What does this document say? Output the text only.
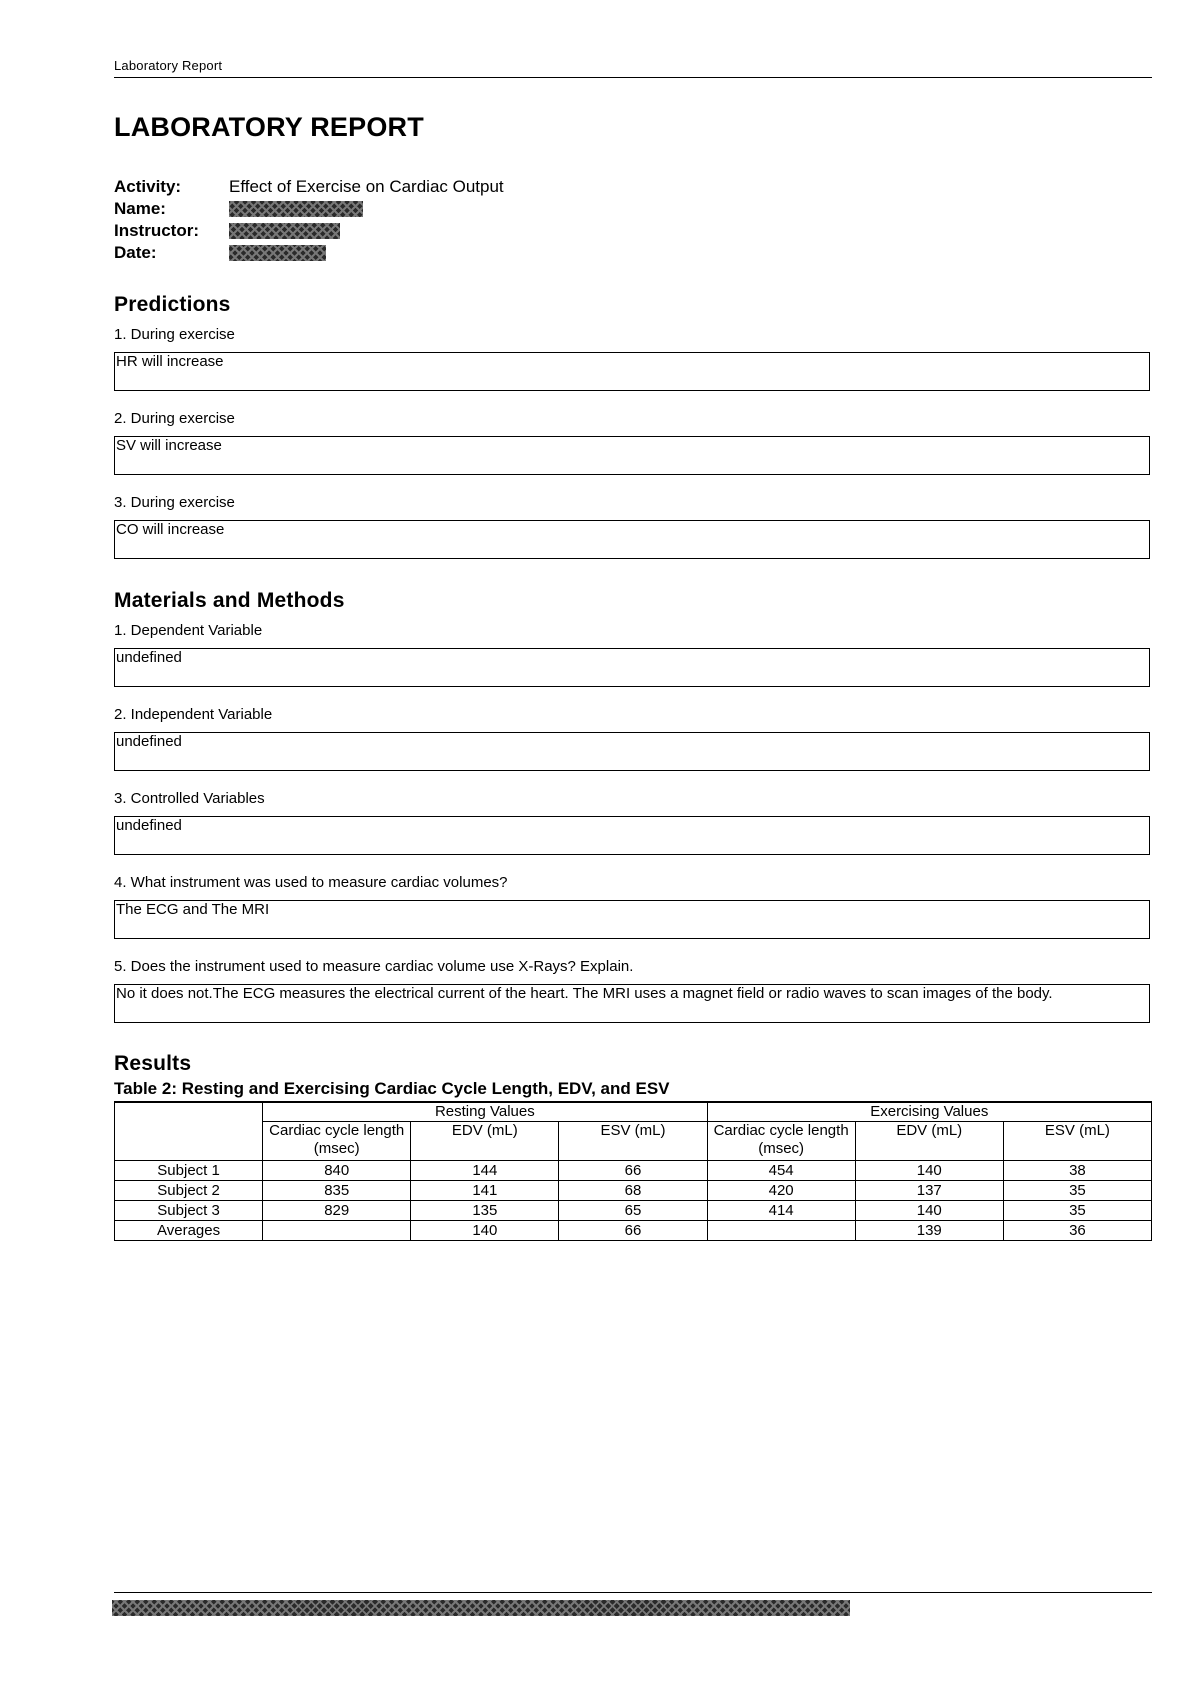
Laboratory Report
LABORATORY REPORT
Activity:	Effect of Exercise on Cardiac Output
Name:
Instructor:
Date:
Predictions
1. During exercise
HR will increase
2. During exercise
SV will increase
3. During exercise
CO will increase
Materials and Methods
1. Dependent Variable
undefined
2. Independent Variable
undefined
3. Controlled Variables
undefined
4. What instrument was used to measure cardiac volumes?
The ECG and The MRI
5. Does the instrument used to measure cardiac volume use X-Rays? Explain.
No it does not.The ECG measures the electrical current of the heart. The MRI uses a magnet field or radio waves to scan images of the body.
Results
Table 2: Resting and Exercising Cardiac Cycle Length, EDV, and ESV
	Resting Values			Exercising Values		
	Cardiac cycle length (msec)	EDV (mL)	ESV (mL)	Cardiac cycle length (msec)	EDV (mL)	ESV (mL)
Subject 1	840	144	66	454	140	38
Subject 2	835	141	68	420	137	35
Subject 3	829	135	65	414	140	35
Averages		140	66		139	36
